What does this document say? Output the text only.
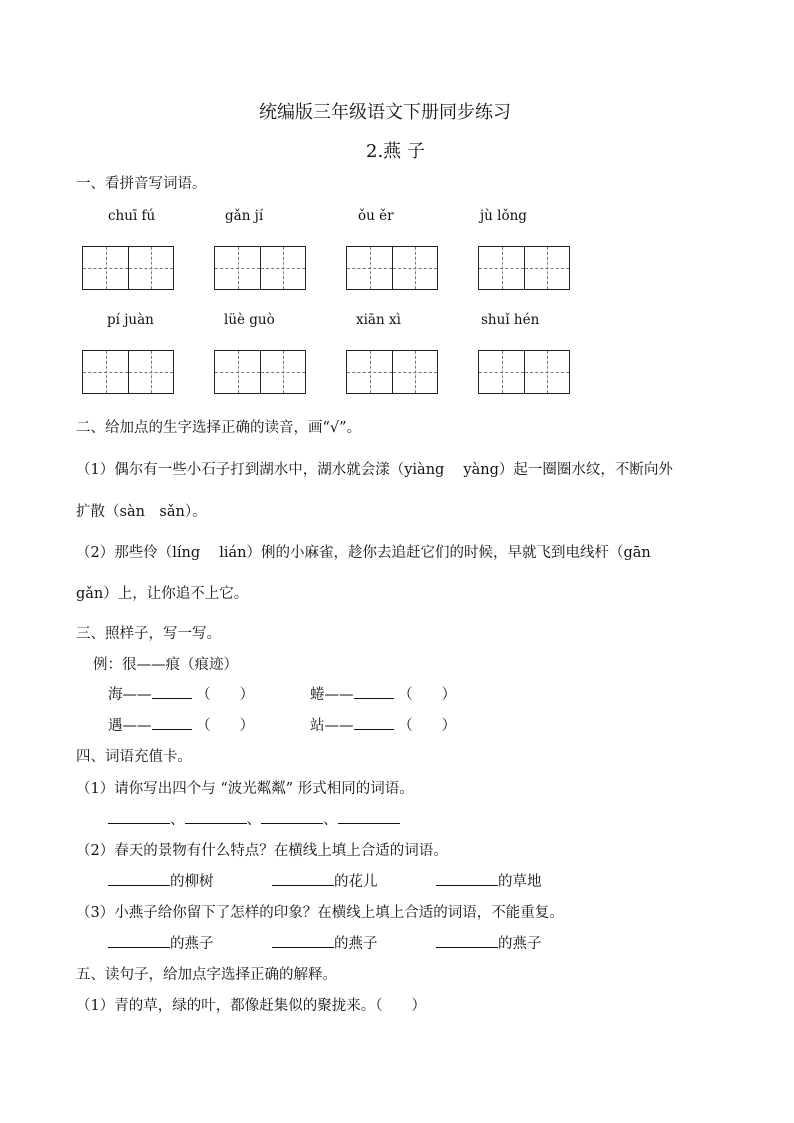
统编版三年级语文下册同步练习
2.燕 子
一、看拼音写词语。
chuī fú	gǎn jí	ǒu ěr	jù lǒng
pí juàn	lüè guò	xiān xì	shuǐ hén
二、给加点的生字选择正确的读音，画“√”。
（1）偶尔有一些小石子打到湖水中，湖水就会漾（yiàng　 yàng）起一圈圈水纹，不断向外
扩散（sàn　sǎn）。
（2）那些伶（líng　 lián）俐的小麻雀，趁你去追赶它们的时候，早就飞到电线杆（gān
gǎn）上，让你追不上它。
三、照样子，写一写。
例：很——痕（痕迹）
海——	（　　）	蜷——	（　　）
遇——	（　　）	站——	（　　）
四、词语充值卡。
（1）请你写出四个与 “波光粼粼” 形式相同的词语。
、	、	、
（2）春天的景物有什么特点？在横线上填上合适的词语。
的柳树	的花儿	的草地
（3）小燕子给你留下了怎样的印象？在横线上填上合适的词语，不能重复。
的燕子	的燕子	的燕子
五、读句子，给加点字选择正确的解释。
（1）青的草，绿的叶，都像赶集似的聚拢来。（　　）
